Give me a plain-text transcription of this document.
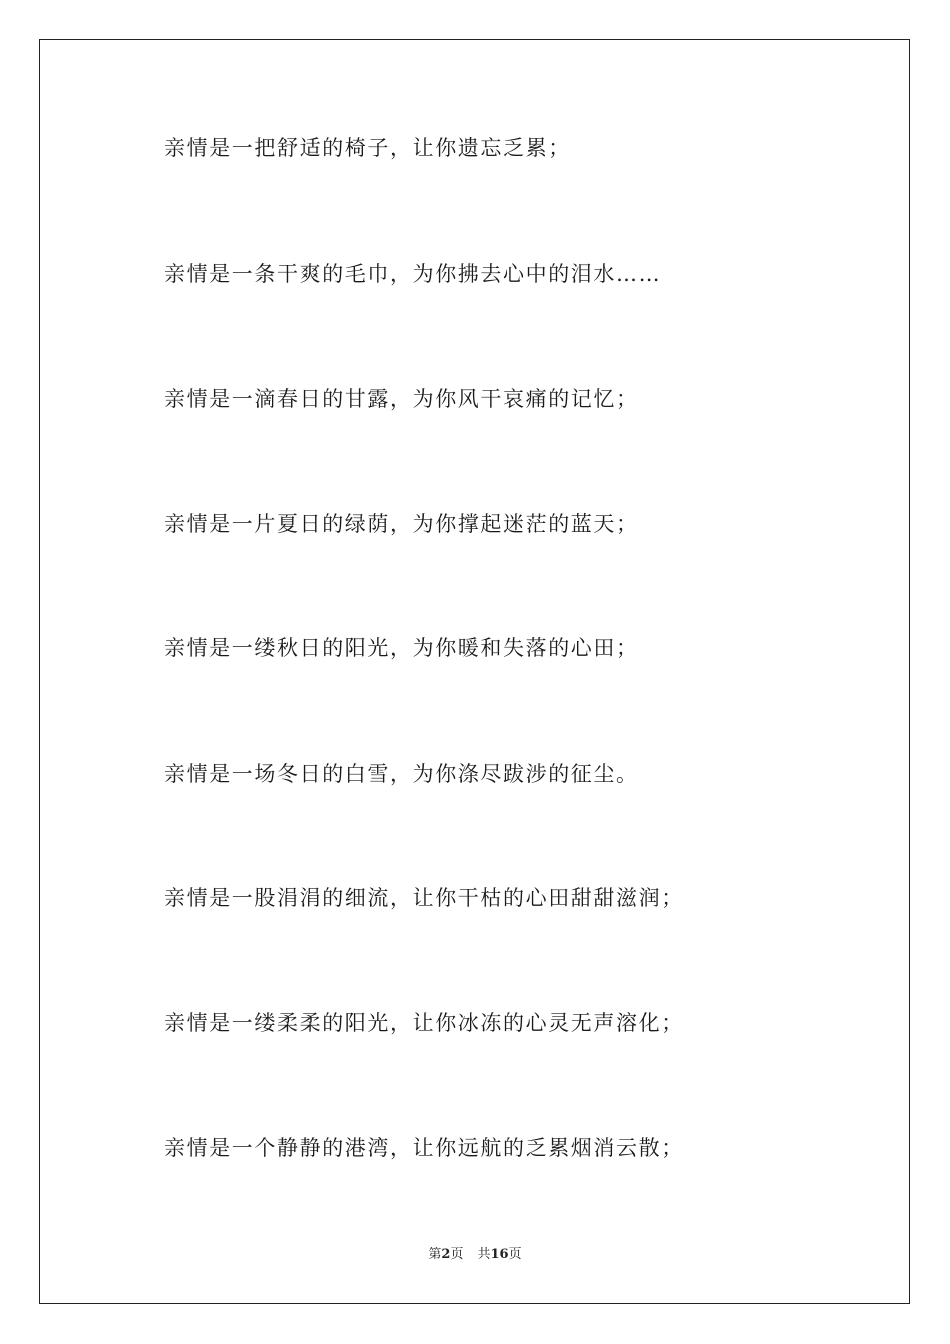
亲情是一把舒适的椅子，让你遗忘乏累；
亲情是一条干爽的毛巾，为你拂去心中的泪水……
亲情是一滴春日的甘露，为你风干哀痛的记忆；
亲情是一片夏日的绿荫，为你撑起迷茫的蓝天；
亲情是一缕秋日的阳光，为你暖和失落的心田；
亲情是一场冬日的白雪，为你涤尽跋涉的征尘。
亲情是一股涓涓的细流，让你干枯的心田甜甜滋润；
亲情是一缕柔柔的阳光，让你冰冻的心灵无声溶化；
亲情是一个静静的港湾，让你远航的乏累烟消云散；
第2页 共16页
